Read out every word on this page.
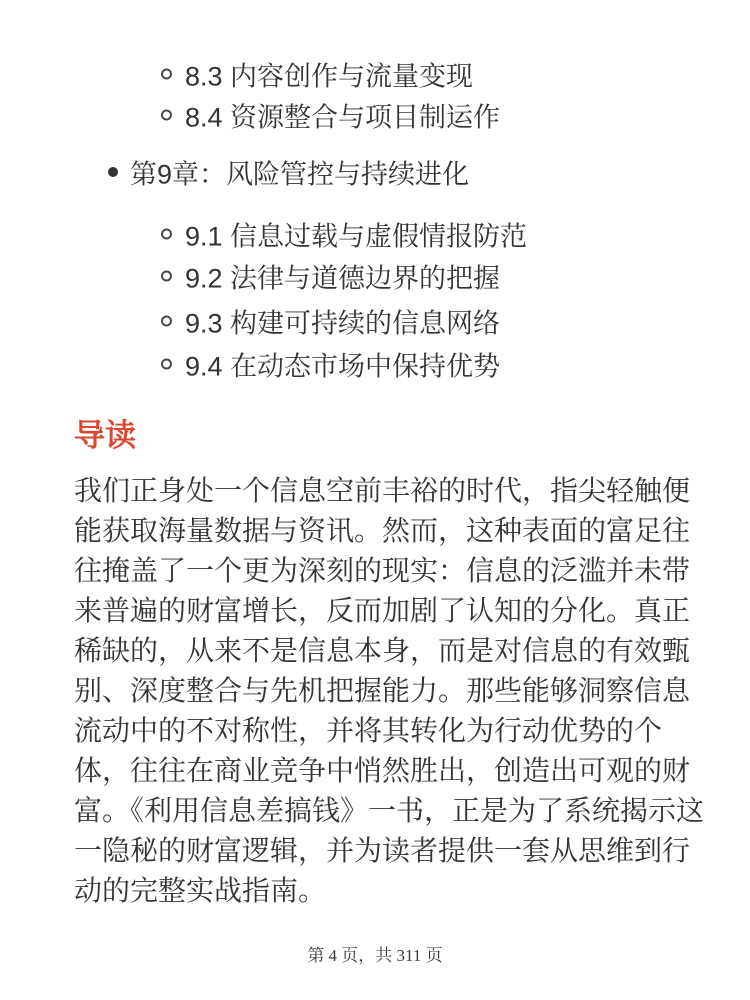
8.3 内容创作与流量变现
8.4 资源整合与项目制运作
第9章：风险管控与持续进化
9.1 信息过载与虚假情报防范
9.2 法律与道德边界的把握
9.3 构建可持续的信息网络
9.4 在动态市场中保持优势
导读

我们正身处一个信息空前丰裕的时代，指尖轻触便能获取海量数据与资讯。然而，这种表面的富足往往掩盖了一个更为深刻的现实：信息的泛滥并未带来普遍的财富增长，反而加剧了认知的分化。真正稀缺的，从来不是信息本身，而是对信息的有效甄别、深度整合与先机把握能力。那些能够洞察信息流动中的不对称性，并将其转化为行动优势的个体，往往在商业竞争中悄然胜出，创造出可观的财富。《利用信息差搞钱》一书，正是为了系统揭示这一隐秘的财富逻辑，并为读者提供一套从思维到行动的完整实战指南。

第 4 页，共 311 页
